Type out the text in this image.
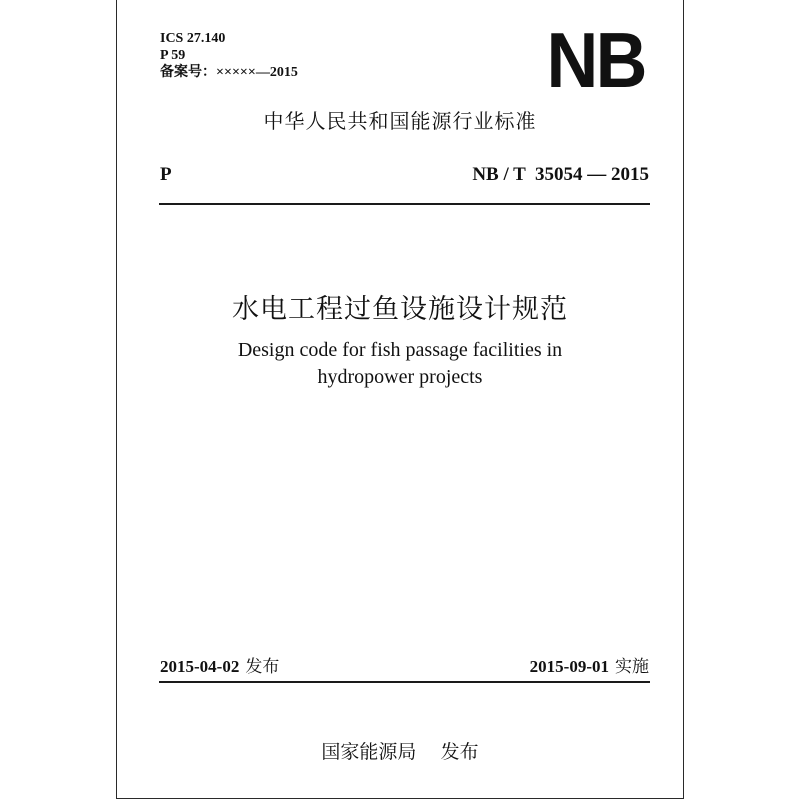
ICS 27.140
P 59
备案号：×××××—2015	NB
中华人民共和国能源行业标准
P	NB / T  35054 — 2015
水电工程过鱼设施设计规范
Design code for fish passage facilities in
hydropower projects
2015-04-02 发布	2015-09-01 实施
国家能源局 发布
